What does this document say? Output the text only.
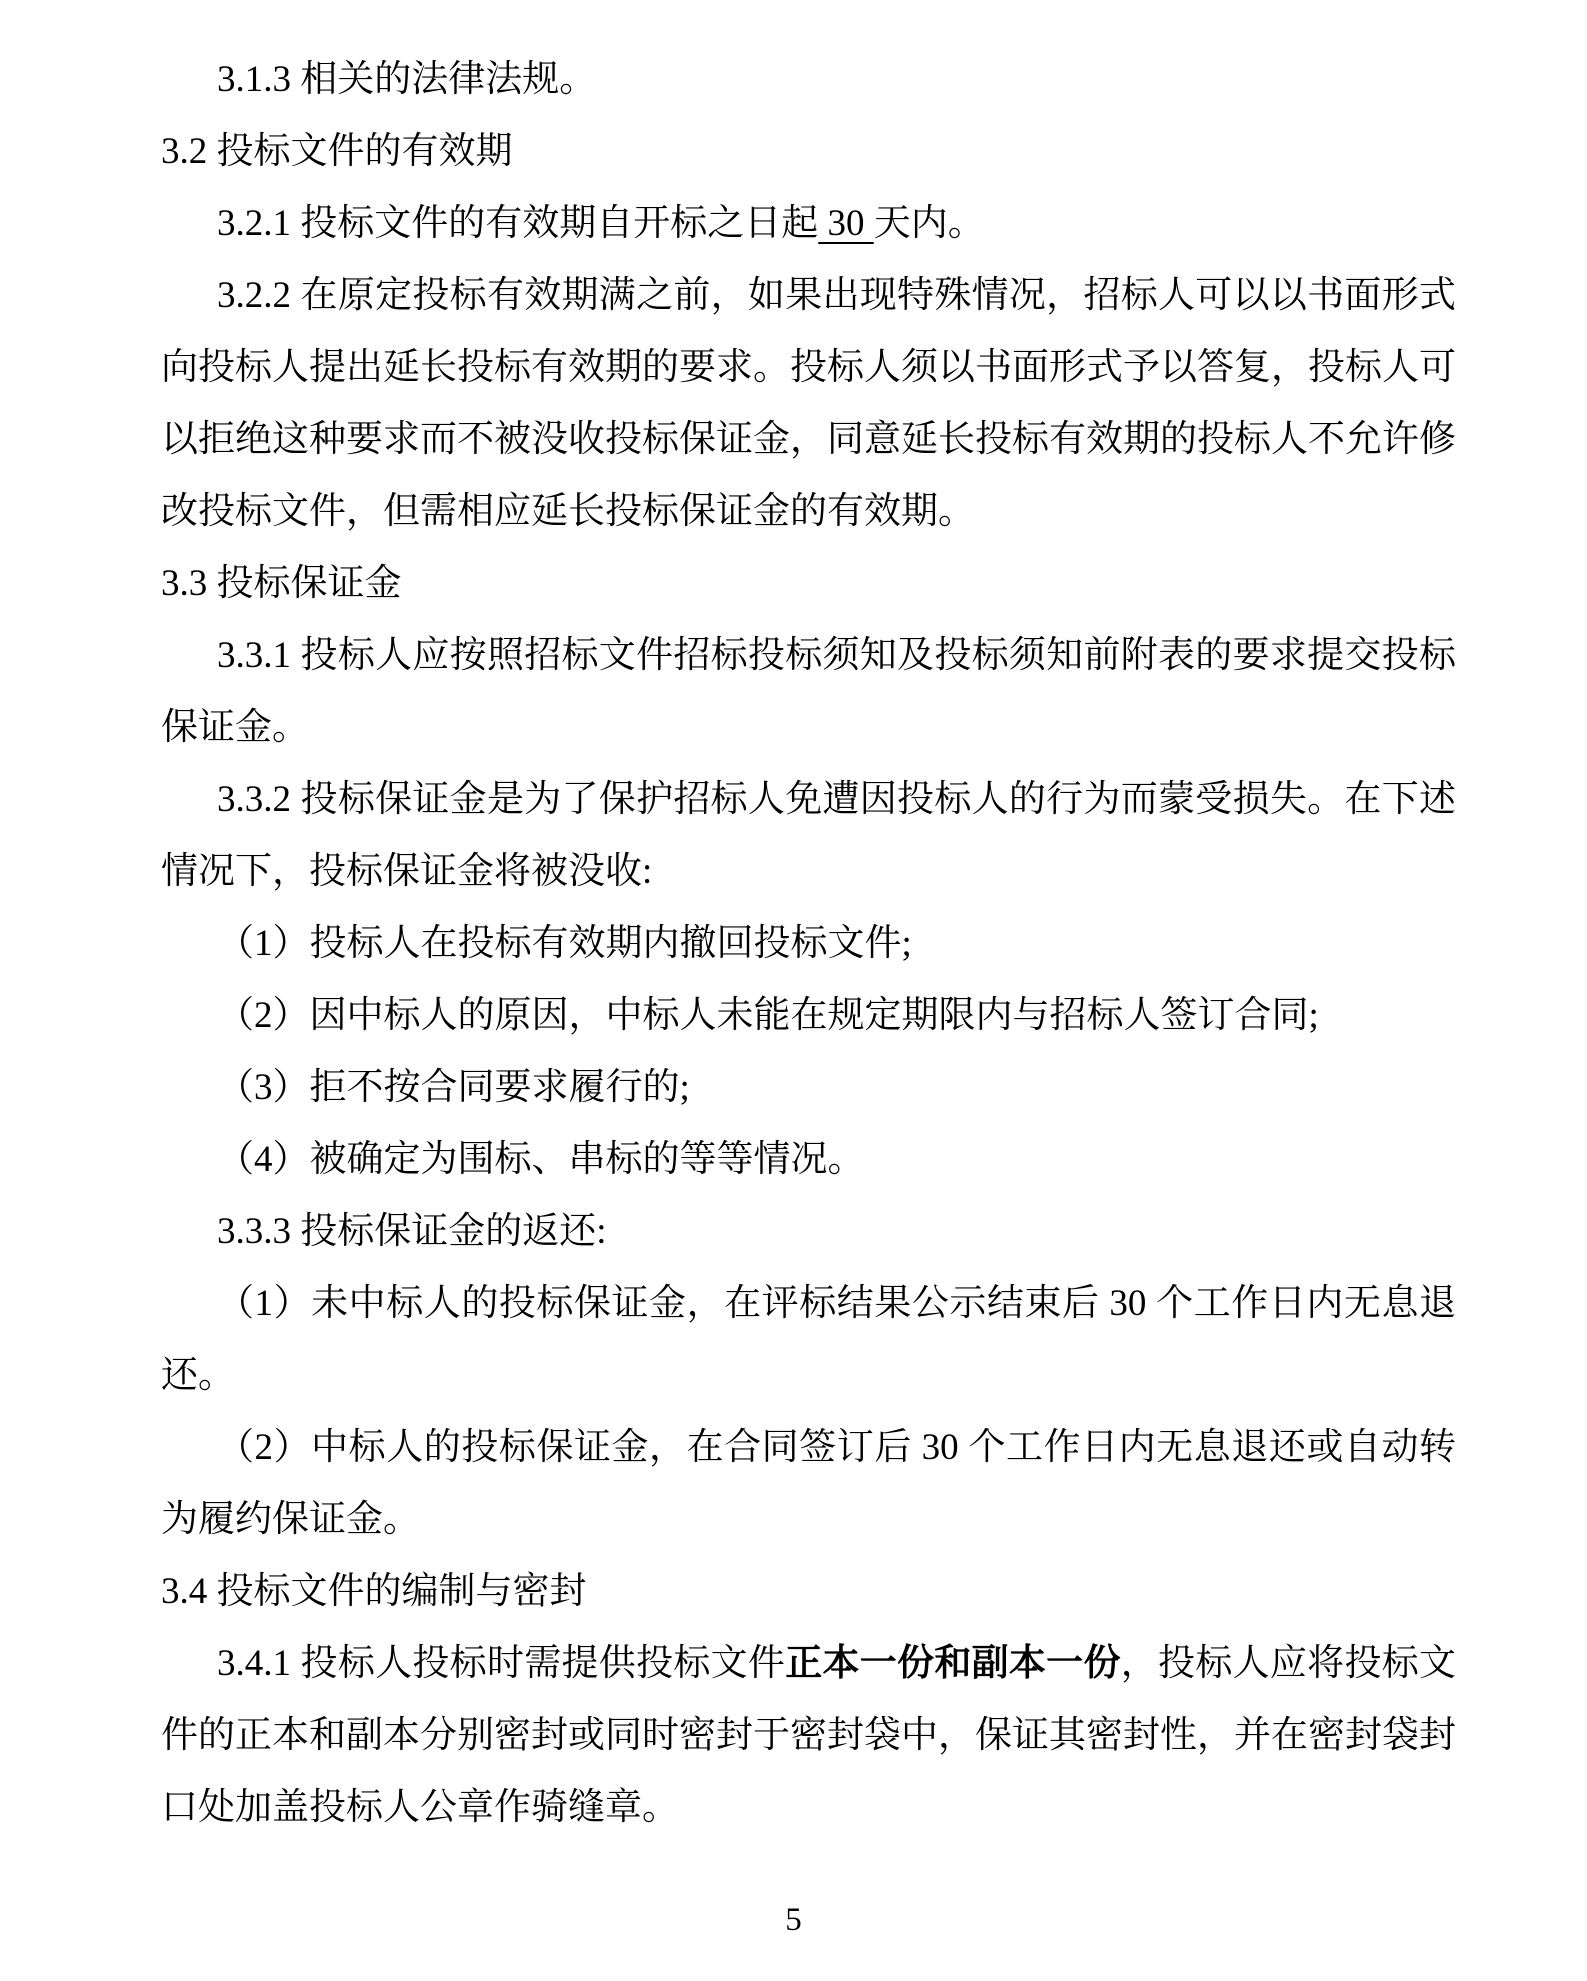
3.1.3 相关的法律法规。

3.2 投标文件的有效期

3.2.1 投标文件的有效期自开标之日起 30 天内。

3.2.2 在原定投标有效期满之前，如果出现特殊情况，招标人可以以书面形式向投标人提出延长投标有效期的要求。投标人须以书面形式予以答复，投标人可以拒绝这种要求而不被没收投标保证金，同意延长投标有效期的投标人不允许修改投标文件，但需相应延长投标保证金的有效期。

3.3 投标保证金

3.3.1 投标人应按照招标文件招标投标须知及投标须知前附表的要求提交投标保证金。

3.3.2 投标保证金是为了保护招标人免遭因投标人的行为而蒙受损失。在下述情况下，投标保证金将被没收:

（1）投标人在投标有效期内撤回投标文件;

（2）因中标人的原因，中标人未能在规定期限内与招标人签订合同;

（3）拒不按合同要求履行的;

（4）被确定为围标、串标的等等情况。

3.3.3 投标保证金的返还:

（1）未中标人的投标保证金，在评标结果公示结束后 30 个工作日内无息退还。

（2）中标人的投标保证金，在合同签订后 30 个工作日内无息退还或自动转为履约保证金。

3.4 投标文件的编制与密封

3.4.1 投标人投标时需提供投标文件正本一份和副本一份，投标人应将投标文件的正本和副本分别密封或同时密封于密封袋中，保证其密封性，并在密封袋封口处加盖投标人公章作骑缝章。

5
